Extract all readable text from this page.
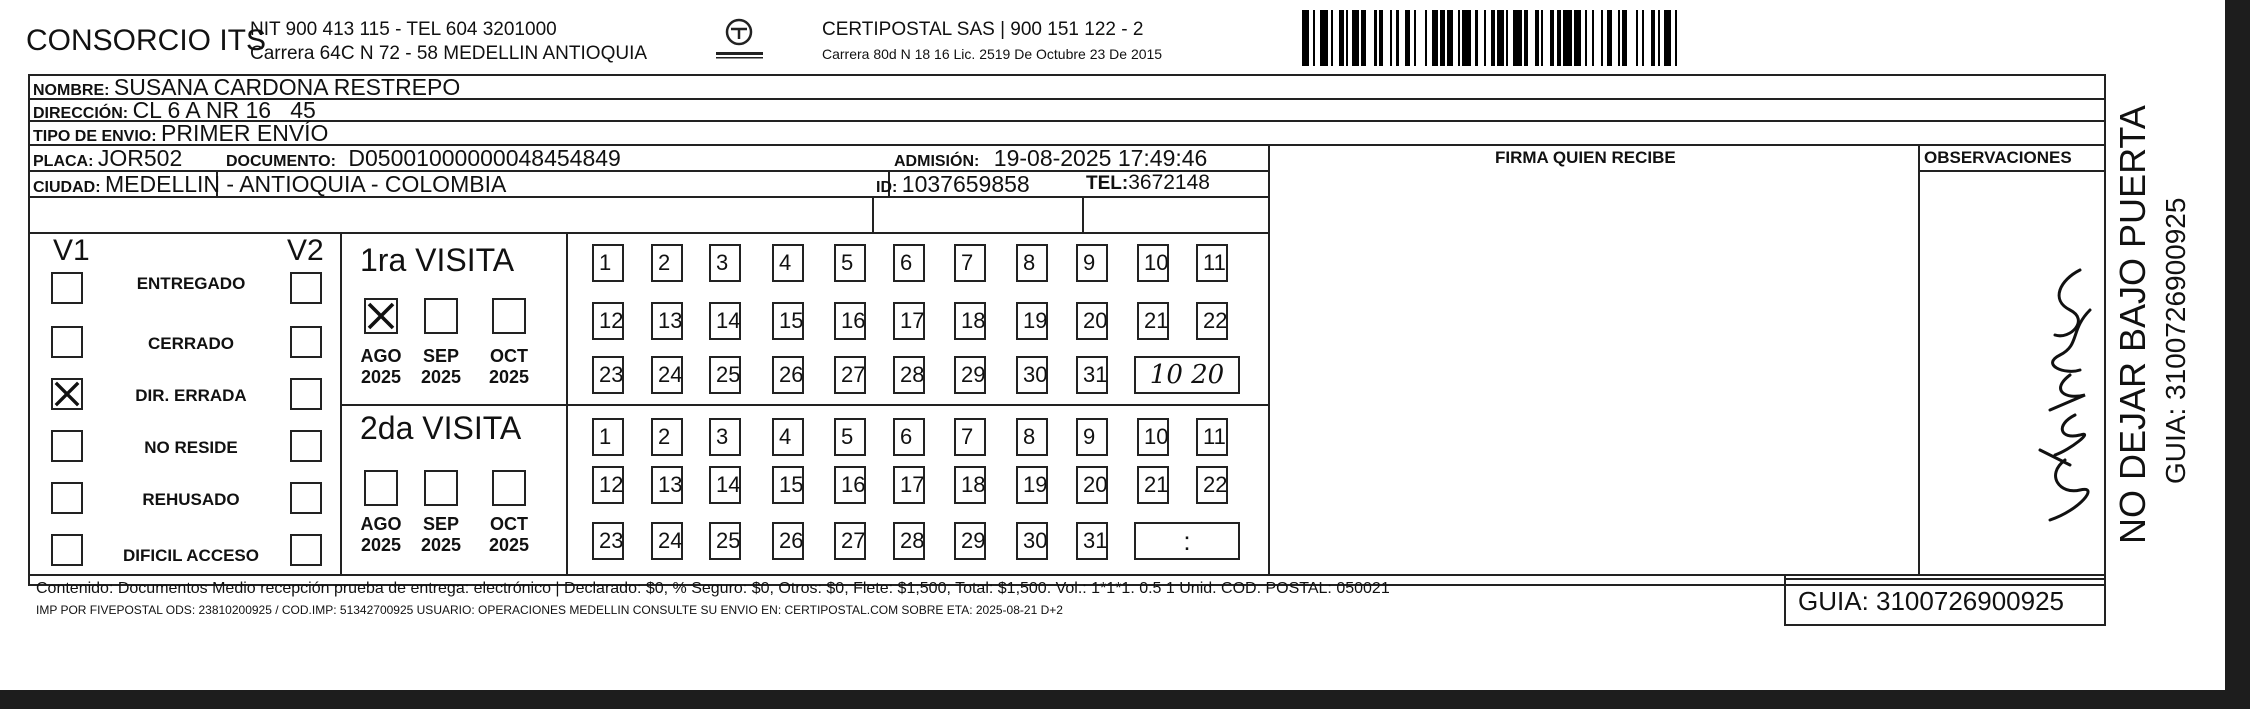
CONSORCIO ITS
NIT 900 413 115 - TEL 604 3201000
Carrera 64C N 72 - 58 MEDELLIN ANTIOQUIA
CERTIPOSTAL SAS | 900 151 122 - 2
Carrera 80d N 18 16 Lic. 2519 De Octubre 23 De 2015
NOMBRE: SUSANA CARDONA RESTREPO
DIRECCIÓN: CL 6 A NR 16   45
TIPO DE ENVIO: PRIMER ENVÍO
FIRMA QUIEN RECIBE	OBSERVACIONES
PLACA: JOR502	DOCUMENTO: D05001000000048454849	ADMISIÓN: 19-08-2025 17:49:46
CIUDAD: MEDELLIN - ANTIOQUIA - COLOMBIA	ID: 1037659858	TEL:3672148
V1	V2
ENTREGADO
CERRADO
DIR. ERRADA
NO RESIDE
REHUSADO
DIFICIL ACCESO
1ra VISITA
2da VISITA
AGO
2025
SEP
2025
OCT
2025
1	2	3	4	5	6	7	8	9	10	11
12	13	14	15	16	17	18	19	20	21	22
23	24	25	26	27	28	29	30	31	10 20
AGO
2025
SEP
2025
OCT
2025
1	2	3	4	5	6	7	8	9	10	11
12	13	14	15	16	17	18	19	20	21	22
23	24	25	26	27	28	29	30	31	:
Contenido: Documentos Medio recepción prueba de entrega: electrónico | Declarado: $0, % Seguro: $0, Otros: $0, Flete: $1,500, Total: $1,500. Vol.: 1*1*1. 0.5 1 Unid. COD. POSTAL: 050021
IMP POR FIVEPOSTAL ODS: 23810200925 / COD.IMP: 51342700925 USUARIO: OPERACIONES MEDELLIN CONSULTE SU ENVIO EN: CERTIPOSTAL.COM SOBRE ETA: 2025-08-21 D+2	GUIA: 3100726900925
NO DEJAR BAJO PUERTA GUIA: 3100726900925
